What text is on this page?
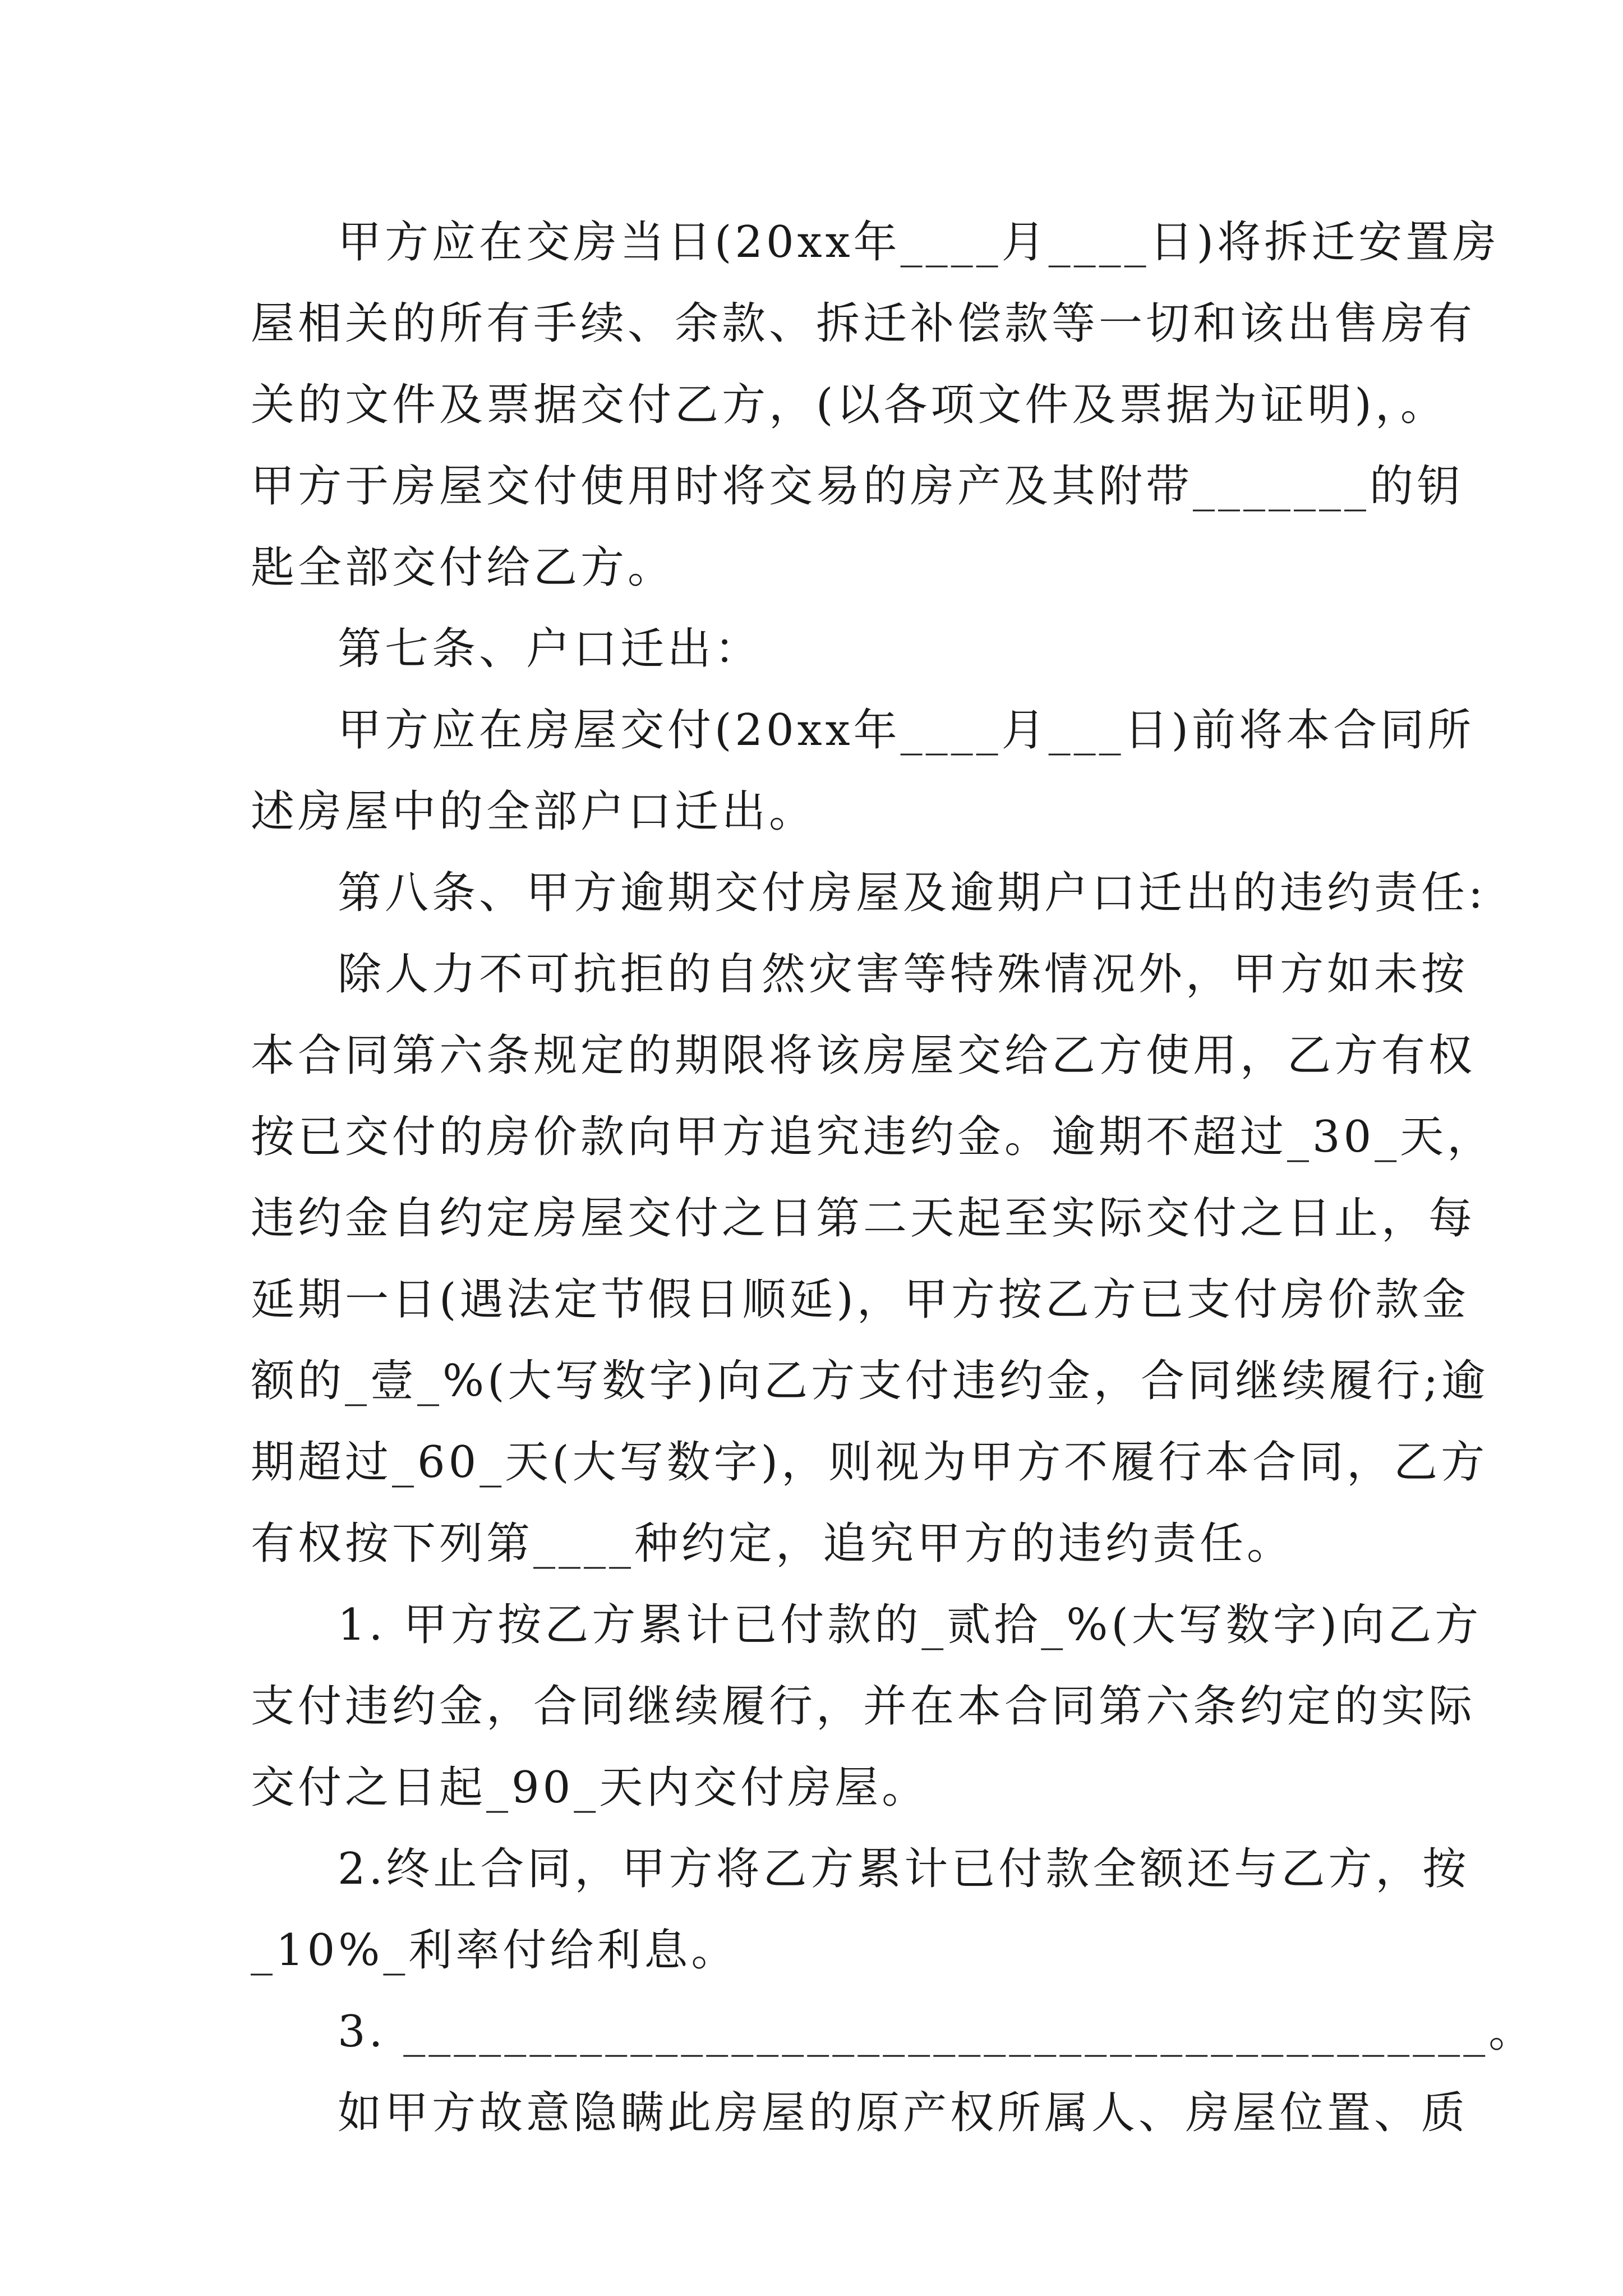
甲方应在交房当日(20xx年____月____日)将拆迁安置房
屋相关的所有手续、余款、拆迁补偿款等一切和该出售房有
关的文件及票据交付乙方，(以各项文件及票据为证明)，。
甲方于房屋交付使用时将交易的房产及其附带_______的钥
匙全部交付给乙方。
第七条、户口迁出：
甲方应在房屋交付(20xx年____月___日)前将本合同所
述房屋中的全部户口迁出。
第八条、甲方逾期交付房屋及逾期户口迁出的违约责任:
除人力不可抗拒的自然灾害等特殊情况外，甲方如未按
本合同第六条规定的期限将该房屋交给乙方使用，乙方有权
按已交付的房价款向甲方追究违约金。逾期不超过_30_天，
违约金自约定房屋交付之日第二天起至实际交付之日止，每
延期一日(遇法定节假日顺延)，甲方按乙方已支付房价款金
额的_壹_%(大写数字)向乙方支付违约金，合同继续履行;逾
期超过_60_天(大写数字)，则视为甲方不履行本合同，乙方
有权按下列第____种约定，追究甲方的违约责任。
1. 甲方按乙方累计已付款的_贰拾_%(大写数字)向乙方
支付违约金，合同继续履行，并在本合同第六条约定的实际
交付之日起_90_天内交付房屋。
2.终止合同，甲方将乙方累计已付款全额还与乙方，按
_10%_利率付给利息。
3. ___________________________________________。
如甲方故意隐瞒此房屋的原产权所属人、房屋位置、质
